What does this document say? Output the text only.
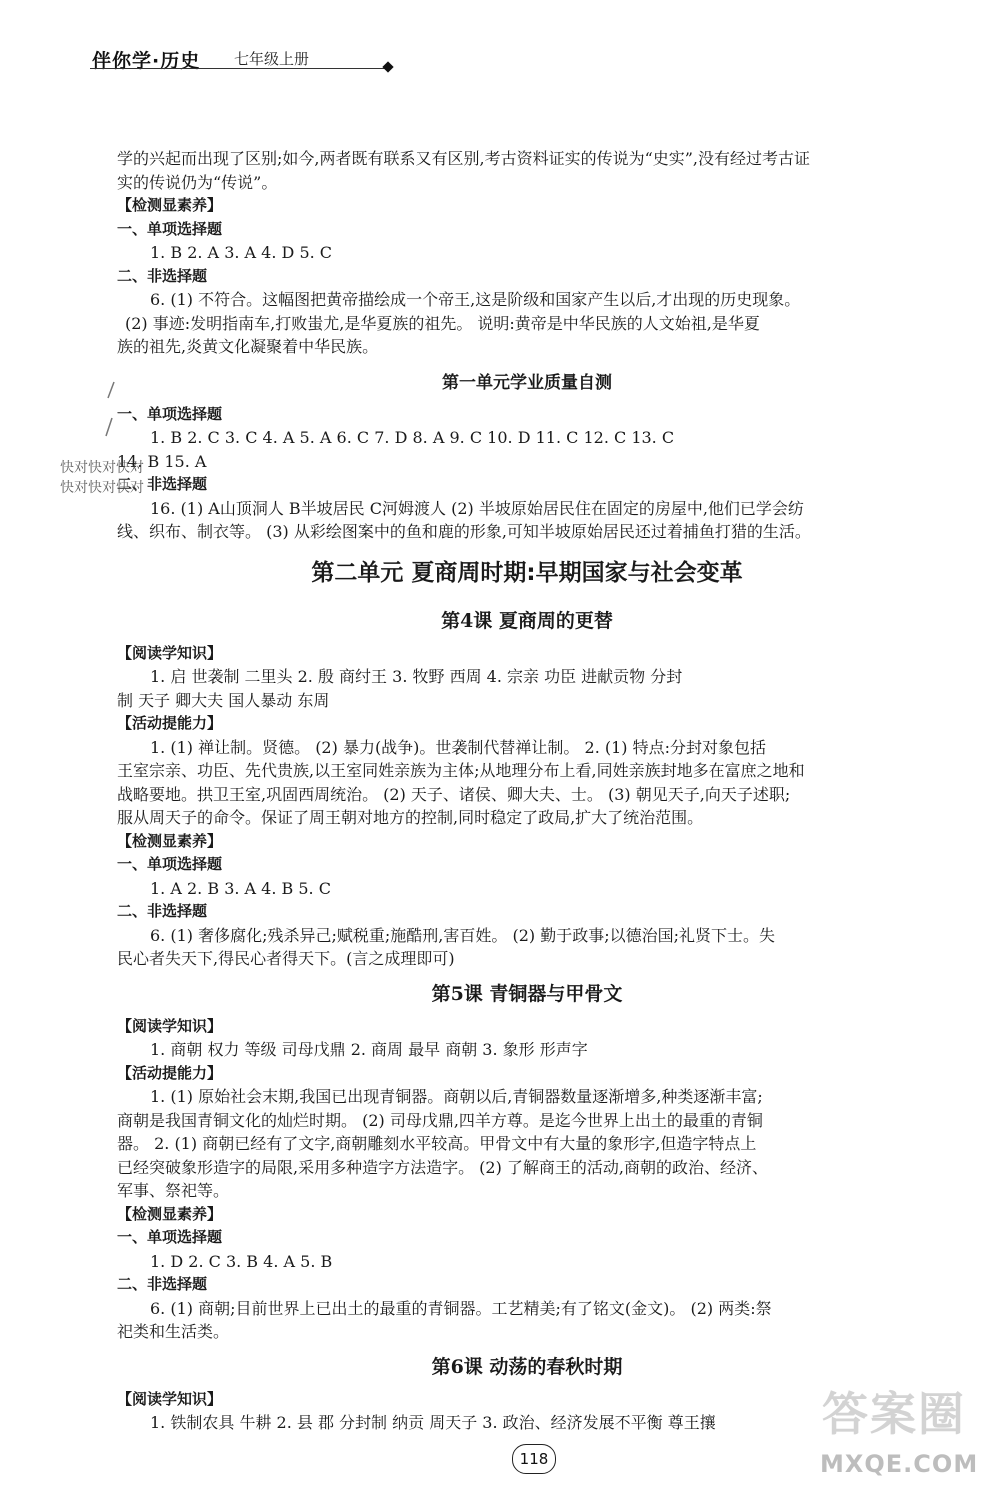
伴你学·历史 七年级上册
学的兴起而出现了区别;如今,两者既有联系又有区别,考古资料证实的传说为“史实”,没有经过考古证
实的传说仍为“传说”。
【检测显素养】
一、单项选择题
1. B 2. A 3. A 4. D 5. C
二、非选择题
6. (1) 不符合。这幅图把黄帝描绘成一个帝王,这是阶级和国家产生以后,才出现的历史现象。
(2) 事迹:发明指南车,打败蚩尤,是华夏族的祖先。 说明:黄帝是中华民族的人文始祖,是华夏
族的祖先,炎黄文化凝聚着中华民族。
第一单元学业质量自测
一、单项选择题
1. B 2. C 3. C 4. A 5. A 6. C 7. D 8. A 9. C 10. D 11. C 12. C 13. C
14. B 15. A
二、非选择题
16. (1) A山顶洞人 B半坡居民 C河姆渡人 (2) 半坡原始居民住在固定的房屋中,他们已学会纺
线、织布、制衣等。 (3) 从彩绘图案中的鱼和鹿的形象,可知半坡原始居民还过着捕鱼打猎的生活。
第二单元 夏商周时期:早期国家与社会变革
第4课 夏商周的更替
【阅读学知识】
1. 启 世袭制 二里头 2. 殷 商纣王 3. 牧野 西周 4. 宗亲 功臣 进献贡物 分封
制 天子 卿大夫 国人暴动 东周
【活动提能力】
1. (1) 禅让制。贤德。 (2) 暴力(战争)。世袭制代替禅让制。 2. (1) 特点:分封对象包括
王室宗亲、功臣、先代贵族,以王室同姓亲族为主体;从地理分布上看,同姓亲族封地多在富庶之地和
战略要地。拱卫王室,巩固西周统治。 (2) 天子、诸侯、卿大夫、士。 (3) 朝见天子,向天子述职;
服从周天子的命令。保证了周王朝对地方的控制,同时稳定了政局,扩大了统治范围。
【检测显素养】
一、单项选择题
1. A 2. B 3. A 4. B 5. C
二、非选择题
6. (1) 奢侈腐化;残杀异己;赋税重;施酷刑,害百姓。 (2) 勤于政事;以德治国;礼贤下士。失
民心者失天下,得民心者得天下。(言之成理即可)
第5课 青铜器与甲骨文
【阅读学知识】
1. 商朝 权力 等级 司母戊鼎 2. 商周 最早 商朝 3. 象形 形声字
【活动提能力】
1. (1) 原始社会末期,我国已出现青铜器。商朝以后,青铜器数量逐渐增多,种类逐渐丰富;
商朝是我国青铜文化的灿烂时期。 (2) 司母戊鼎,四羊方尊。是迄今世界上出土的最重的青铜
器。 2. (1) 商朝已经有了文字,商朝雕刻水平较高。甲骨文中有大量的象形字,但造字特点上
已经突破象形造字的局限,采用多种造字方法造字。 (2) 了解商王的活动,商朝的政治、经济、
军事、祭祀等。
【检测显素养】
一、单项选择题
1. D 2. C 3. B 4. A 5. B
二、非选择题
6. (1) 商朝;目前世界上已出土的最重的青铜器。工艺精美;有了铭文(金文)。 (2) 两类:祭
祀类和生活类。
第6课 动荡的春秋时期
【阅读学知识】
1. 铁制农具 牛耕 2. 县 郡 分封制 纳贡 周天子 3. 政治、经济发展不平衡 尊王攘
快对快对快对
快对快对快对
118
答案圈
MXQE.COM
